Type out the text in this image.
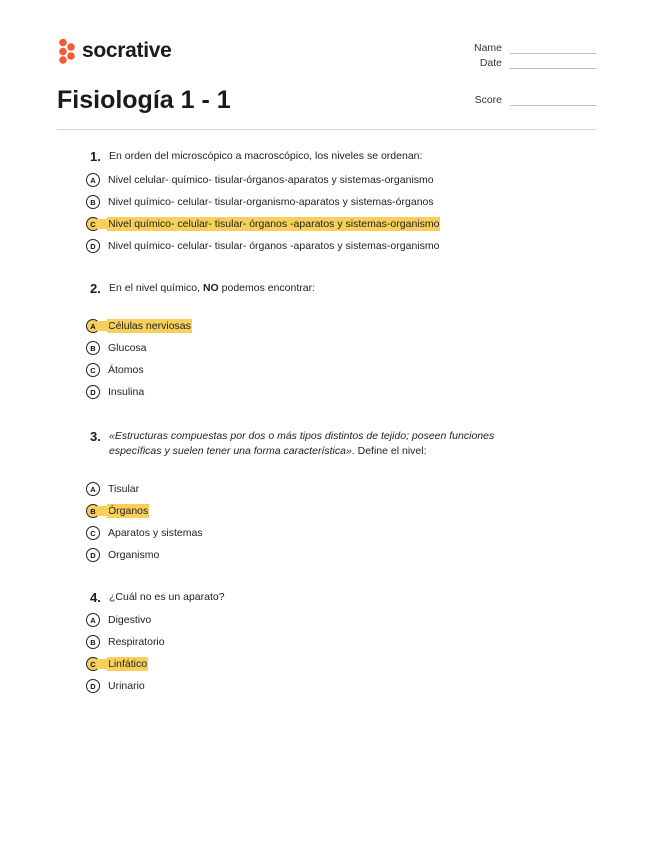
socrative
Fisiología 1 - 1
Name
Date
Score
1. En orden del microscópico a macroscópico, los niveles se ordenan:
A	Nivel celular- químico- tisular-órganos-aparatos y sistemas-organismo
B	Nivel químico- celular- tisular-organismo-aparatos y sistemas-órganos
C	Nivel químico- celular- tisular- órganos -aparatos y sistemas-organismo
D	Nivel químico- celular- tisular- órganos -aparatos y sistemas-organismo
2. En el nivel químico, NO podemos encontrar:
A	Células nerviosas
B	Glucosa
C	Átomos
D	Insulina
3. «Estructuras compuestas por dos o más tipos distintos de tejido; poseen funciones
específicas y suelen tener una forma característica». Define el nivel:
A	Tisular
B	Órganos
C	Aparatos y sistemas
D	Organismo
4. ¿Cuál no es un aparato?
A	Digestivo
B	Respiratorio
C	Linfático
D	Urinario
